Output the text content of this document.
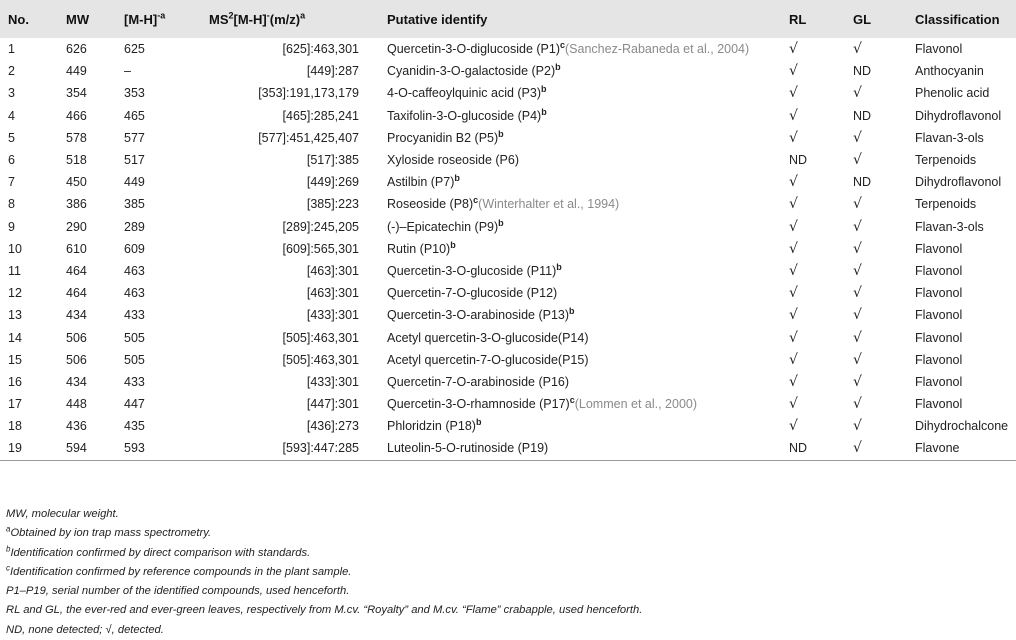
No.	MW	$[M-H]^{-a}$	$MS^2[M-H]^-(m/z)^a$	Putative identify	RL	GL	Classification
1	626	625	[625]:463,301	Quercetin-3-O-diglucoside $(P1)^c(Sanchez$-Rabaneda et al., 2004)	√	√	Flavonol
2	449	–	[449]:287	Cyanidin-3-O-galactoside $(P2)^b$	√	ND	Anthocyanin
3	354	353	[353]:191,173,179	4-O-caffeoylquinic acid $(P3)^b$	√	√	Phenolic acid
4	466	465	[465]:285,241	Taxifolin-3-O-glucoside $(P4)^b$	√	ND	Dihydroflavonol
5	578	577	[577]:451,425,407	Procyanidin B2 $(P5)^b$	√	√	Flavan-3-ols
6	518	517	[517]:385	Xyloside roseoside (P6)	ND	√	Terpenoids
7	450	449	[449]:269	Astilbin $(P7)^b$	√	ND	Dihydroflavonol
8	386	385	[385]:223	Roseoside $(P8)^c(Winterhalter$ et al., 1994)	√	√	Terpenoids
9	290	289	[289]:245,205	(-)–Epicatechin $(P9)^b$	√	√	Flavan-3-ols
10	610	609	[609]:565,301	Rutin $(P10)^b$	√	√	Flavonol
11	464	463	[463]:301	Quercetin-3-O-glucoside $(P11)^b$	√	√	Flavonol
12	464	463	[463]:301	Quercetin-7-O-glucoside (P12)	√	√	Flavonol
13	434	433	[433]:301	Quercetin-3-O-arabinoside $(P13)^b$	√	√	Flavonol
14	506	505	[505]:463,301	Acetyl quercetin-3-O-glucoside(P14)	√	√	Flavonol
15	506	505	[505]:463,301	Acetyl quercetin-7-O-glucoside(P15)	√	√	Flavonol
16	434	433	[433]:301	Quercetin-7-O-arabinoside (P16)	√	√	Flavonol
17	448	447	[447]:301	Quercetin-3-O-rhamnoside $(P17)^c(Lommen$ et al., 2000)	√	√	Flavonol
18	436	435	[436]:273	Phloridzin $(P18)^b$	√	√	Dihydrochalcone
19	594	593	[593]:447:285	Luteolin-5-O-rutinoside (P19)	ND	√	Flavone
MW, molecular weight.
$^a$Obtained by ion trap mass spectrometry.
$^b$Identification confirmed by direct comparison with standards.
$^c$Identification confirmed by reference compounds in the plant sample.
P1–P19, serial number of the identified compounds, used henceforth.
RL and GL, the ever-red and ever-green leaves, respectively from M.cv. “Royalty” and M.cv. “Flame” crabapple, used henceforth.
ND, none detected; √, detected.
